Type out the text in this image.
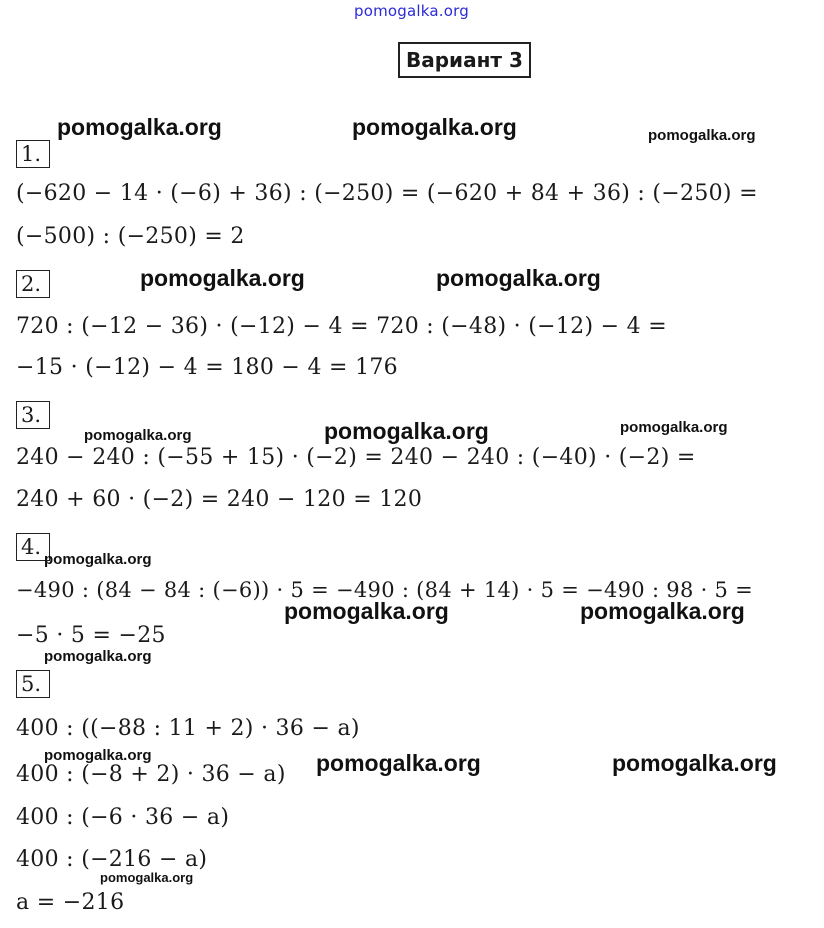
pomogalka.org
Вариант 3
1.
(−620 − 14 · (−6) + 36) : (−250) = (−620 + 84 + 36) : (−250) =
(−500) : (−250) = 2
2.
720 : (−12 − 36) · (−12) − 4 = 720 : (−48) · (−12) − 4 =
−15 · (−12) − 4 = 180 − 4 = 176
3.
240 − 240 : (−55 + 15) · (−2) = 240 − 240 : (−40) · (−2) =
240 + 60 · (−2) = 240 − 120 = 120
4.
−490 : (84 − 84 : (−6)) · 5 = −490 : (84 + 14) · 5 = −490 : 98 · 5 =
−5 · 5 = −25
5.
400 : ((−88 : 11 + 2) · 36 − a)
400 : (−8 + 2) · 36 − a)
400 : (−6 · 36 − a)
400 : (−216 − a)
a = −216
pomogalka.org	pomogalka.org	pomogalka.org
pomogalka.org	pomogalka.org
pomogalka.org	pomogalka.org	pomogalka.org
pomogalka.org
pomogalka.org	pomogalka.org
pomogalka.org
pomogalka.org	pomogalka.org	pomogalka.org
pomogalka.org
